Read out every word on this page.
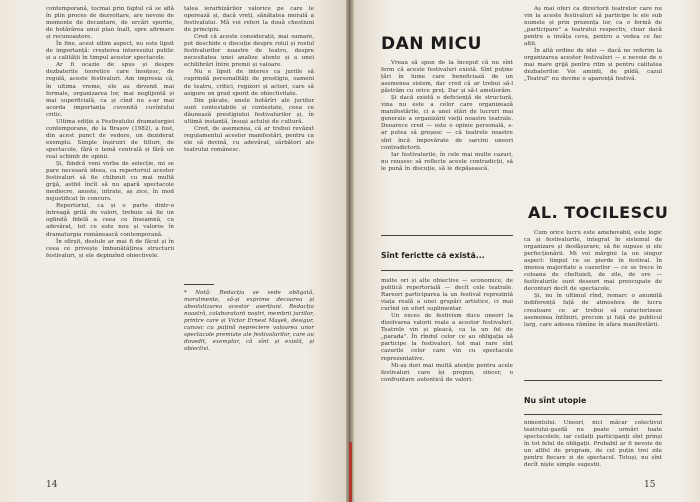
contemporană, tocmai prin faptul că se află în plin proces de dezvoltare, are nevoie de momente de decantare, de urcări sporite, de hotărârea unui plan înalt, spre afirmare și recunoaștere.

În fine, acest ultim aspect, nu este lipsit de importanță: creșterea interesului public și a calității în timpul acestor spectacole.

Ar fi ocazie de spus și despre dezbaterile teoretice care însoțesc, de regulă, aceste festivaluri. Am impresia că, în ultima vreme, ele au devenit mai formale, organizarea lor, mai neglijentă și mai superficială, ca și cînd nu s-ar mai acorda importanța cuvenită cuvîntului critic.

Ultima ediție a Festivalului dramaturgiei contemporane, de la Brașov (1982), a fost, din acest punct de vedere, un deziderat exemplu. Simple înșiruiri de titluri, de spectacole, fără o temă centrală și fără un real schimb de opinii.

Și, fiindcă veni vorba de selecție, mi se pare necesară ideea, ca repertoriul acestor festivaluri să fie chibzuit cu mai multă grijă, astfel încît să nu apară spectacole mediocre, anoste, intrate, aș zice, în mod nejustificat în concurs.

Repertoriul, ca și o parte dintr-o întreagă grilă de valori, trebuie să fie un oglindă fidelă a ceea ce înseamnă, cu adevărat, tot ce este nou și valoros în dramaturgia românească contemporană.

În sfîrșit, destule ar mai fi de făcut și în ceea ce privește îmbunătățirea structurii festivaluri, și ele depinzînd obiectivele.

talea ierarhizărilor valorice pe care le operează și, dacă vreți, sănătatea morală a festivalului. Mă voi referi la două chestiuni de principiu.

Cred că aceste considerații, mai sumare, pot deschide o discuție despre rolul și rostul festivalurilor noastre de teatru, despre necesitatea unei analize atente și a unei echilibrări între premii și valoare.

Nu e lipsit de interes ca juriile să cuprindă personalități de prestigiu, oameni de teatru, critici, regizori și actori, care să asigure un grad sporit de obiectivitate.

Din păcate, unele hotărîri ale juriilor sunt contestabile și contestate, ceea ce dăunează prestigiului festivalurilor și, în ultimă instanță, însuși actului de cultură.

Cred, de asemenea, că ar trebui revăzut regulamentul acestor manifestări, pentru ca ele să devină, cu adevărat, sărbători ale teatrului românesc.

* Notă: Redacția se vede obligată, moralmente, să-și exprime decoarea și absolutizarea acestor aserțiuni. Redacția noastră, colaboratorii noștri, membrii juriilor, printre care și Victor Ernest Maşek, desigur, cunosc cu puțină nepreciere valoarea unor spectacole premiate ale festivalurilor, care au dovedit, exemplar, că sînt și există, și obiectivi.
14
DAN MICU

Vreau să spun de la început că nu sînt ferm că aceste festivaluri există. Sînt puține țări în lume care beneficiază de un asemenea sistem, dar cred că ar trebui să-l păstrăm cu orice preț. Dar și să-l ameliorăm.

Și dacă există o deficiență de structură, vina nu este a celor care organizează manifestările, ci a unei stări de lucruri mai generale a organizării vieții noastre teatrale. Deoarece cred — este o opinie personală, s-ar putea să greșesc — că teatrele noastre sînt încă împovărate de sarcini uneori contradictorii.

Iar festivalurile, în cele mai multe cazuri, nu reușesc să reflecte aceste contradicții, să le pună în discuție, să le depășească.

Sînt ferictte că există...

multe ori și alte obiective — economice, de politică repertorială — decît cele teatrale. Rareori participarea la un festival reprezintă viața reală a unei grupări artistice, ci mai curînd un efort suplimentar.

Un exces de festivism duce uneori la dizolvarea valorii reale a acestor festivaluri. Teatrele vin și pleacă, ca la un fel de „parada". În rîndul celor ce au obligația să participe la festivaluri, tot mai rare sînt cazurile celor care vin cu spectacole reprezentative.

Mi-aș dori mai multă atenție pentru acele festivaluri care își propun, sincer, o confruntare autentică de valori.

Aș mai oferi ca directorii teatrelor care nu vin la aceste festivaluri să participe le ele sub numele și prin prezența lor, ca o formă de „participare" a teatrului respectiv, chiar dacă pentru a invăța ceva, pentru a vedea ce fac alții.

În altă ordine de idei — dacă ne referim la organizarea acestor festivaluri — e nevoie de o mai mare grijă pentru ritm și pentru calitatea dezbaterilor. Voi aminti, de pildă, cazul „Teatrul" nu devine o aparență festivă.

AL. TOCILESCU

Cum orice lucru este amebovabil, este logic ca și festivalurile, integrat în sistemul de organizare și desfășurare, să fie supuse și ele perfecționării. Mi voi mărgini la un singur aspect: timpul ce se pierde în festival. În imensa majoritate a cazurilor — ce se trece în coloana de cheltuieli, de zile, de ore — festivalurile sunt deseori mai preocupate de deconturi decît de spectacole.

Și, nu în ultimul rînd, remarc o anumită indiferență față de atmosfera de lucru creatoare ce ar trebui să caracterizeze asemenea întîlniri, precum și față de publicul larg, care adesea rămîne în afara manifestării.

Nu sînt utopie

nimentului. Uneori, nici măcar colectivul teatrului-gazdă nu poate urmări toate spectacolele, iar ceilalți participanți sînt prinși în tot felul de obligații. Probabil ar fi nevoie de un altfel de program, de cel puțin trei zile pentru fiecare zi de spectacol. Totuși, nu sînt decît niște simple sugestii.

15
